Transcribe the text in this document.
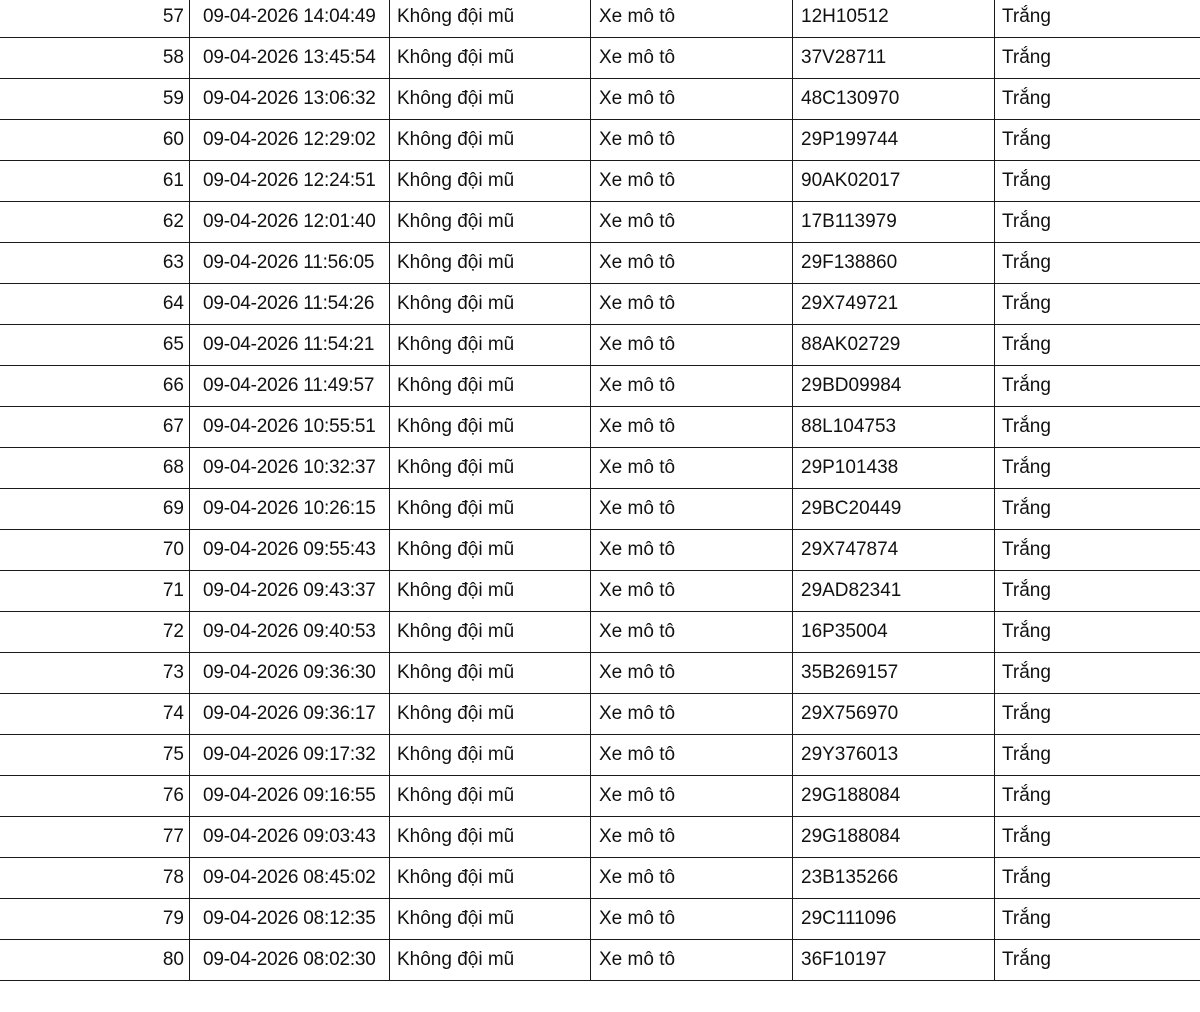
57	09-04-2026 14:04:49	Không đội mũ	Xe mô tô	12H10512	Trắng
58	09-04-2026 13:45:54	Không đội mũ	Xe mô tô	37V28711	Trắng
59	09-04-2026 13:06:32	Không đội mũ	Xe mô tô	48C130970	Trắng
60	09-04-2026 12:29:02	Không đội mũ	Xe mô tô	29P199744	Trắng
61	09-04-2026 12:24:51	Không đội mũ	Xe mô tô	90AK02017	Trắng
62	09-04-2026 12:01:40	Không đội mũ	Xe mô tô	17B113979	Trắng
63	09-04-2026 11:56:05	Không đội mũ	Xe mô tô	29F138860	Trắng
64	09-04-2026 11:54:26	Không đội mũ	Xe mô tô	29X749721	Trắng
65	09-04-2026 11:54:21	Không đội mũ	Xe mô tô	88AK02729	Trắng
66	09-04-2026 11:49:57	Không đội mũ	Xe mô tô	29BD09984	Trắng
67	09-04-2026 10:55:51	Không đội mũ	Xe mô tô	88L104753	Trắng
68	09-04-2026 10:32:37	Không đội mũ	Xe mô tô	29P101438	Trắng
69	09-04-2026 10:26:15	Không đội mũ	Xe mô tô	29BC20449	Trắng
70	09-04-2026 09:55:43	Không đội mũ	Xe mô tô	29X747874	Trắng
71	09-04-2026 09:43:37	Không đội mũ	Xe mô tô	29AD82341	Trắng
72	09-04-2026 09:40:53	Không đội mũ	Xe mô tô	16P35004	Trắng
73	09-04-2026 09:36:30	Không đội mũ	Xe mô tô	35B269157	Trắng
74	09-04-2026 09:36:17	Không đội mũ	Xe mô tô	29X756970	Trắng
75	09-04-2026 09:17:32	Không đội mũ	Xe mô tô	29Y376013	Trắng
76	09-04-2026 09:16:55	Không đội mũ	Xe mô tô	29G188084	Trắng
77	09-04-2026 09:03:43	Không đội mũ	Xe mô tô	29G188084	Trắng
78	09-04-2026 08:45:02	Không đội mũ	Xe mô tô	23B135266	Trắng
79	09-04-2026 08:12:35	Không đội mũ	Xe mô tô	29C111096	Trắng
80	09-04-2026 08:02:30	Không đội mũ	Xe mô tô	36F10197	Trắng
